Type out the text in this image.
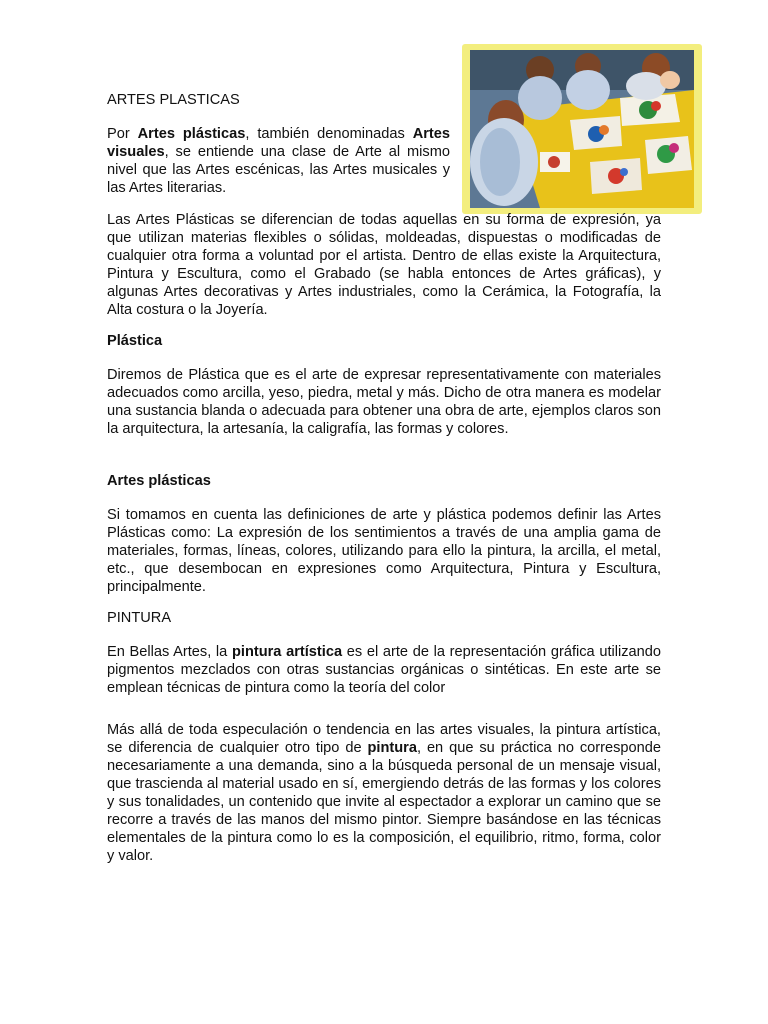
ARTES PLASTICAS

Por Artes plásticas, también denominadas Artes visuales, se entiende una clase de Arte al mismo nivel que las Artes escénicas, las Artes musicales y las Artes literarias.

Las Artes Plásticas se diferencian de todas aquellas en su forma de expresión, ya que utilizan materias flexibles o sólidas, moldeadas, dispuestas o modificadas de cualquier otra forma a voluntad por el artista. Dentro de ellas existe la Arquitectura, Pintura y Escultura, como el Grabado (se habla entonces de Artes gráficas), y algunas Artes decorativas y Artes industriales, como la Cerámica, la Fotografía, la Alta costura o la Joyería.

Plástica

Diremos de Plástica que es el arte de expresar representativamente con materiales adecuados como arcilla, yeso, piedra, metal y más. Dicho de otra manera es modelar una sustancia blanda o adecuada para obtener una obra de arte, ejemplos claros son la arquitectura, la artesanía, la caligrafía, las formas y colores.

Artes plásticas

Si tomamos en cuenta las definiciones de arte y plástica podemos definir las Artes Plásticas como: La expresión de los sentimientos a través de una amplia gama de materiales, formas, líneas, colores, utilizando para ello la pintura, la arcilla, el metal, etc., que desembocan en expresiones como Arquitectura, Pintura y Escultura, principalmente.

PINTURA

En Bellas Artes, la pintura artística es el arte de la representación gráfica utilizando pigmentos mezclados con otras sustancias orgánicas o sintéticas. En este arte se emplean técnicas de pintura como la teoría del color

Más allá de toda especulación o tendencia en las artes visuales, la pintura artística, se diferencia de cualquier otro tipo de pintura, en que su práctica no corresponde necesariamente a una demanda, sino a la búsqueda personal de un mensaje visual, que trascienda al material usado en sí, emergiendo detrás de las formas y los colores y sus tonalidades, un contenido que invite al espectador a explorar un camino que se recorre a través de las manos del mismo pintor. Siempre basándose en las técnicas elementales de la pintura como lo es la composición, el equilibrio, ritmo, forma, color y valor.
